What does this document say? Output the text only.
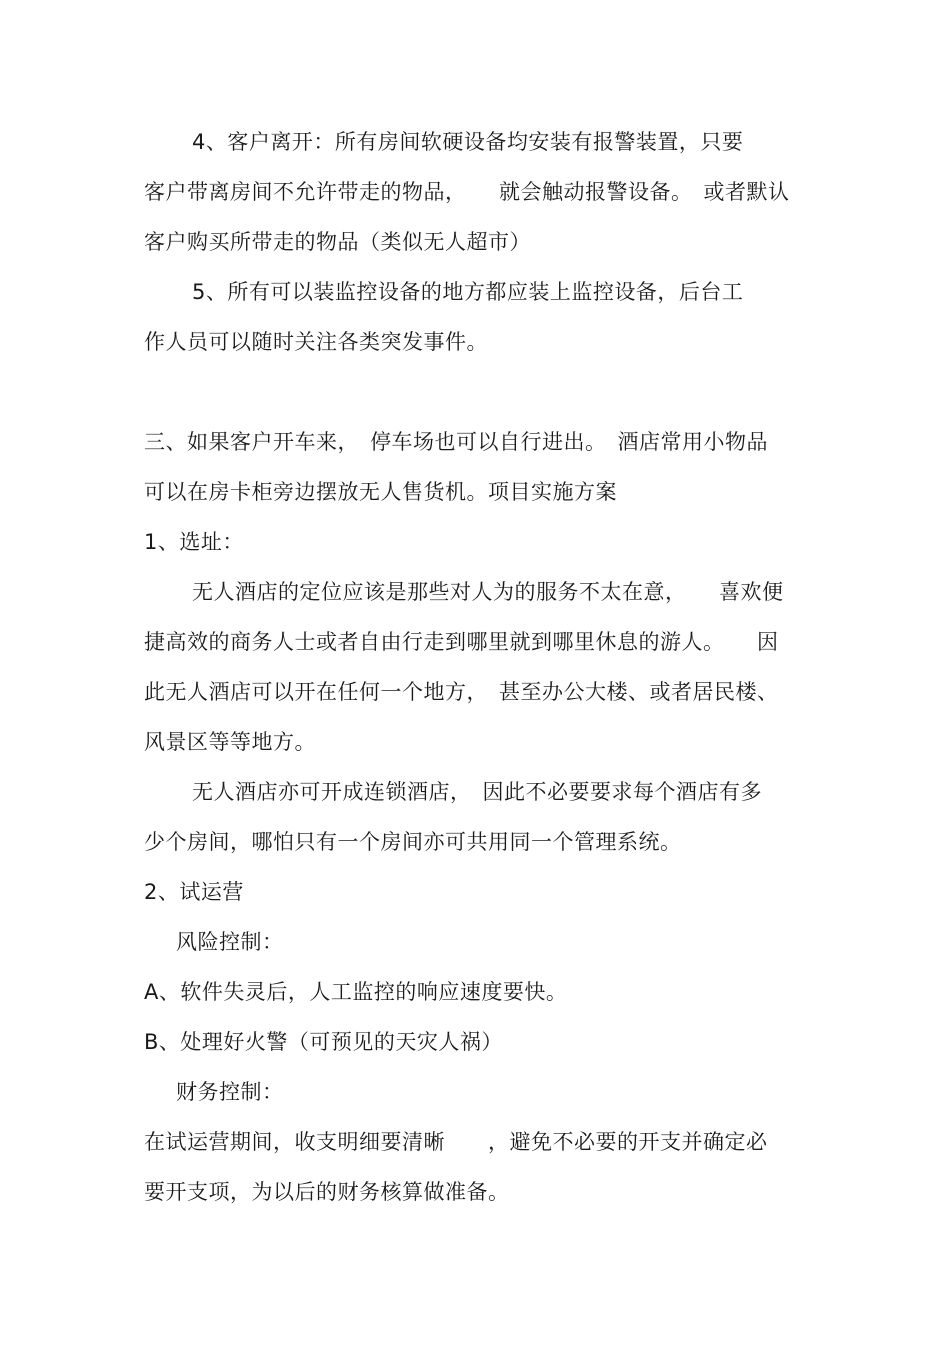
4、客户离开：所有房间软硬设备均安装有报警装置，只要
客户带离房间不允许带走的物品，　　就会触动报警设备。　或者默认
客户购买所带走的物品（类似无人超市）
5、所有可以装监控设备的地方都应装上监控设备，后台工
作人员可以随时关注各类突发事件。
三、如果客户开车来，　停车场也可以自行进出。　酒店常用小物品
可以在房卡柜旁边摆放无人售货机。项目实施方案
1、选址：
无人酒店的定位应该是那些对人为的服务不太在意，　　喜欢便
捷高效的商务人士或者自由行走到哪里就到哪里休息的游人。　　因
此无人酒店可以开在任何一个地方，　甚至办公大楼、或者居民楼、
风景区等等地方。
无人酒店亦可开成连锁酒店，　因此不必要要求每个酒店有多
少个房间，哪怕只有一个房间亦可共用同一个管理系统。
2、试运营
风险控制：
A、软件失灵后，人工监控的响应速度要快。
B、处理好火警（可预见的天灾人祸）
财务控制：
在试运营期间，收支明细要清晰　　，避免不必要的开支并确定必
要开支项，为以后的财务核算做准备。
